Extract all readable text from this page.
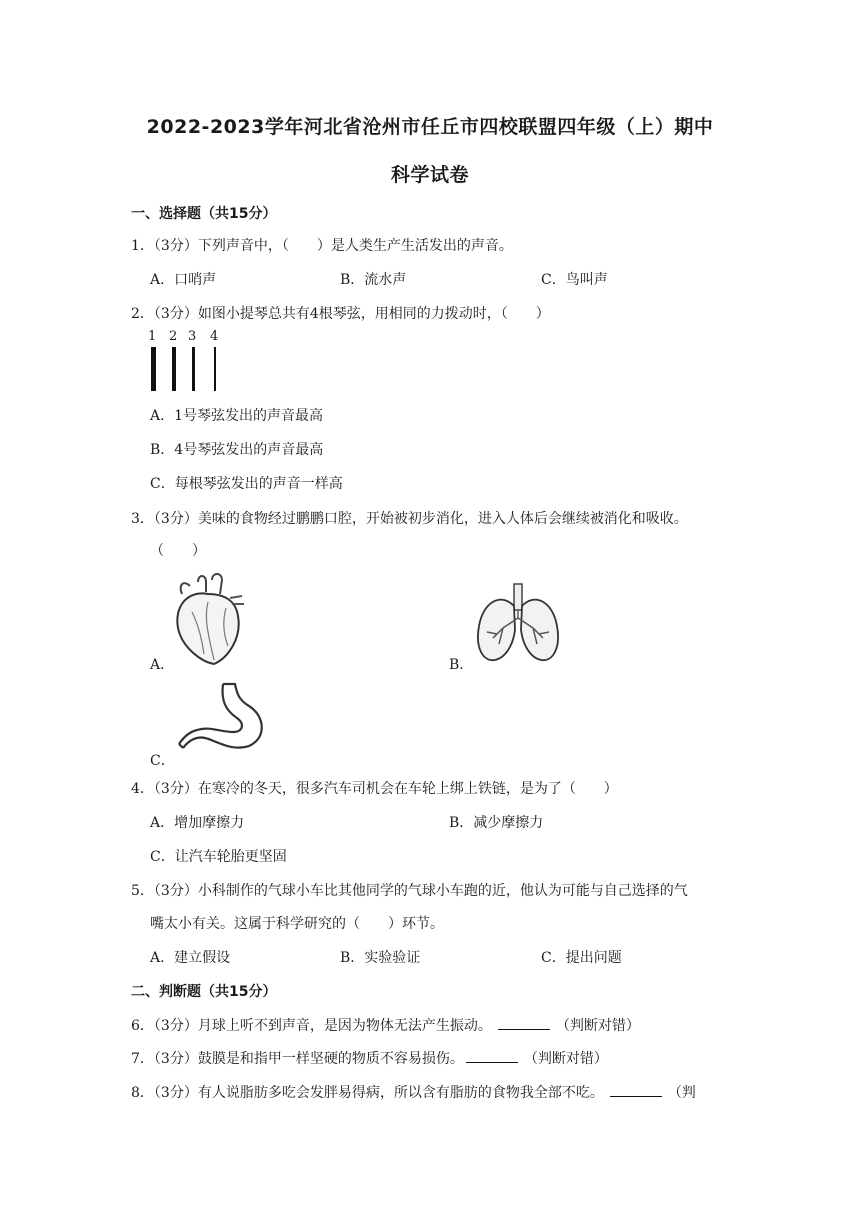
2022-2023学年河北省沧州市任丘市四校联盟四年级（上）期中
科学试卷
一、选择题（共15分）
1．（3分）下列声音中，（　　）是人类生产生活发出的声音。
A．口哨声	B．流水声	C．鸟叫声
2．（3分）如图小提琴总共有4根琴弦，用相同的力拨动时，（　　）
1 2 3 4
A．1号琴弦发出的声音最高
B．4号琴弦发出的声音最高
C．每根琴弦发出的声音一样高
3．（3分）美味的食物经过鹏鹏口腔，开始被初步消化，进入人体后会继续被消化和吸收。
（　　）
A．	B．
C．
4．（3分）在寒冷的冬天，很多汽车司机会在车轮上绑上铁链，是为了（　　）
A．增加摩擦力	B．减少摩擦力
C．让汽车轮胎更坚固
5．（3分）小科制作的气球小车比其他同学的气球小车跑的近，他认为可能与自己选择的气
嘴太小有关。这属于科学研究的（　　）环节。
A．建立假设	B．实验验证	C．提出问题
二、判断题（共15分）
6．（3分）月球上听不到声音，是因为物体无法产生振动。	（判断对错）
7．（3分）鼓膜是和指甲一样坚硬的物质不容易损伤。	（判断对错）
8．（3分）有人说脂肪多吃会发胖易得病，所以含有脂肪的食物我全部不吃。	（判
